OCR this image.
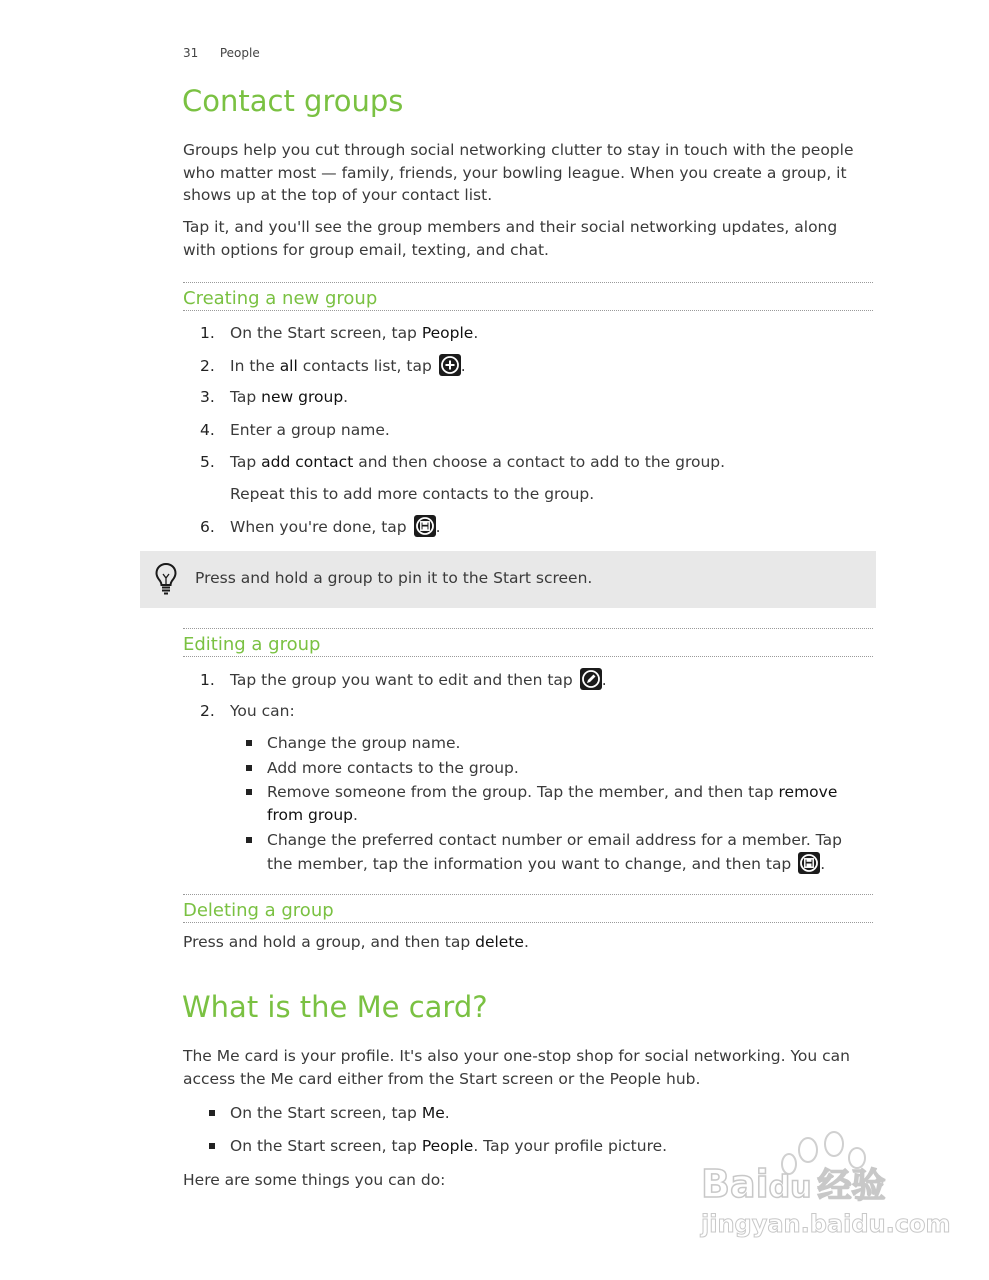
31 People
Contact groups

Groups help you cut through social networking clutter to stay in touch with the people who matter most — family, friends, your bowling league. When you create a group, it shows up at the top of your contact list.

Tap it, and you'll see the group members and their social networking updates, along with options for group email, texting, and chat.

Creating a new group
1. On the Start screen, tap People.
2. In the all contacts list, tap .
3. Tap new group.
4. Enter a group name.
5. Tap add contact and then choose a contact to add to the group.
Repeat this to add more contacts to the group.
6. When you're done, tap .
Press and hold a group to pin it to the Start screen.
Editing a group
1. Tap the group you want to edit and then tap .
2. You can:
Change the group name.
Add more contacts to the group.
Remove someone from the group. Tap the member, and then tap remove from group.
Change the preferred contact number or email address for a member. Tap the member, tap the information you want to change, and then tap .
Deleting a group

Press and hold a group, and then tap delete.

What is the Me card?

The Me card is your profile. It's also your one-stop shop for social networking. You can access the Me card either from the Start screen or the People hub.

On the Start screen, tap Me.
On the Start screen, tap People. Tap your profile picture.

Here are some things you can do:	Baidu 经验
jingyan.baidu.com
